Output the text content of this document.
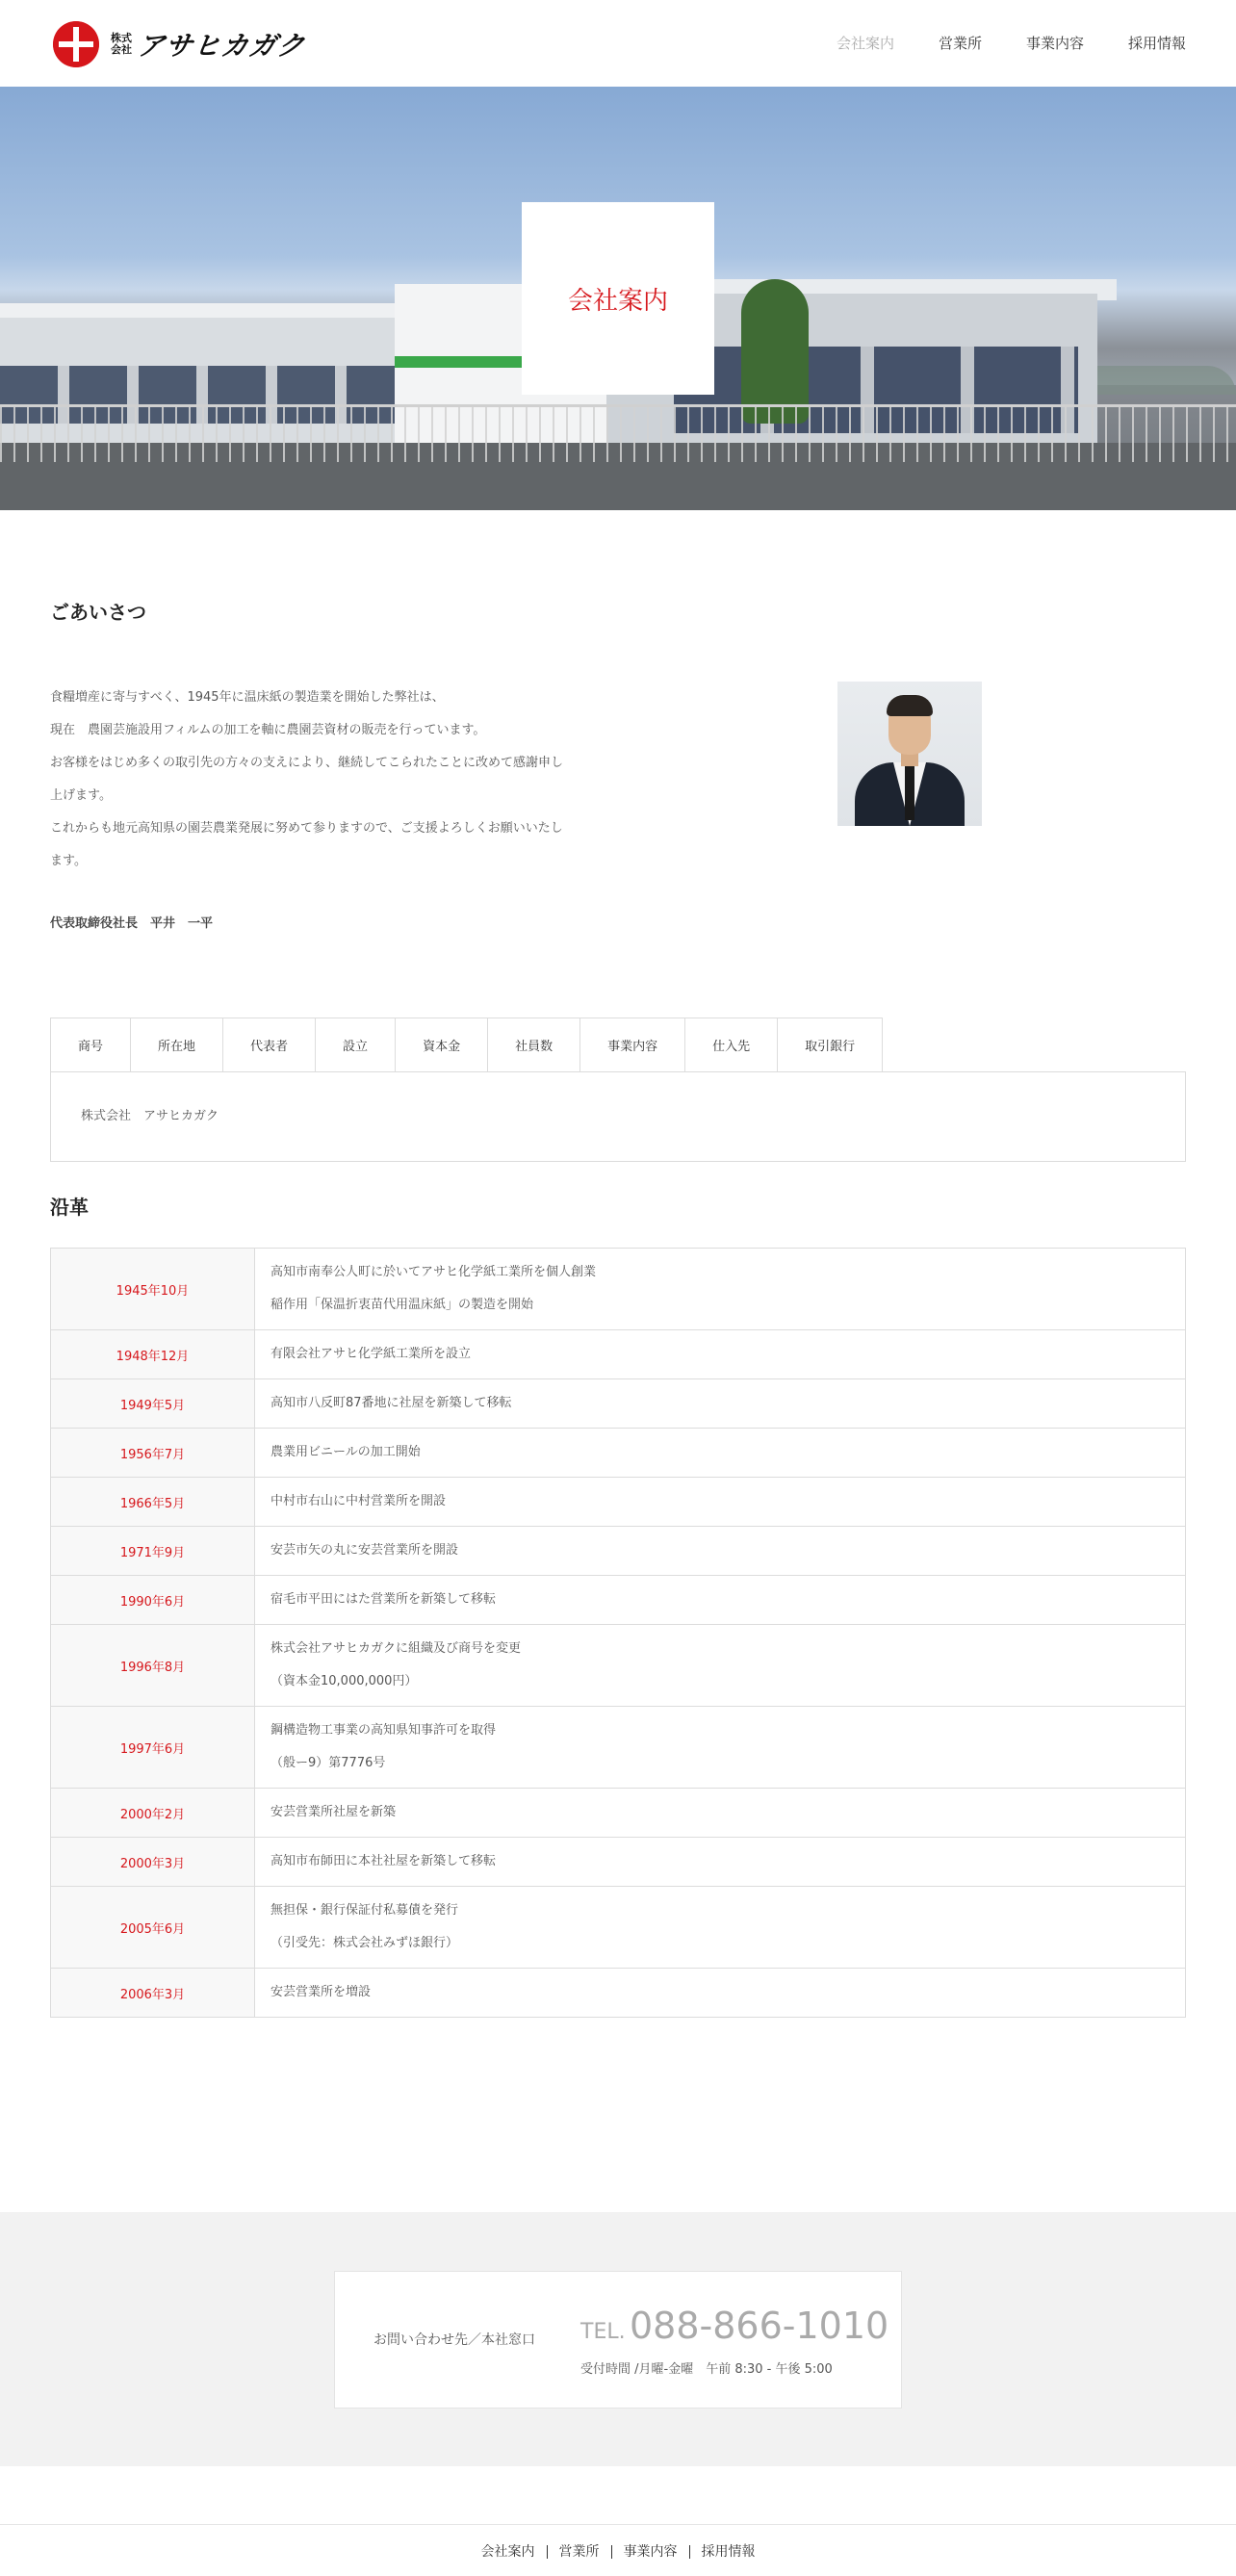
株式
会社 アサヒカガク	会社案内	営業所	事業内容	採用情報
会社案内
ごあいさつ

食糧増産に寄与すべく、1945年に温床紙の製造業を開始した弊社は、

現在　農園芸施設用フィルムの加工を軸に農園芸資材の販売を行っています。

お客様をはじめ多くの取引先の方々の支えにより、継続してこられたことに改めて感謝申し

上げます。

これからも地元高知県の園芸農業発展に努めて参りますので、ご支援よろしくお願いいたし

ます。

代表取締役社長　平井　一平
商号	所在地	代表者	設立	資本金	社員数	事業内容	仕入先	取引銀行
株式会社　アサヒカガク
沿革
1945年10月	高知市南奉公人町に於いてアサヒ化学紙工業所を個人創業
稲作用「保温折衷苗代用温床紙」の製造を開始

1948年12月	有限会社アサヒ化学紙工業所を設立
1949年5月	高知市八反町87番地に社屋を新築して移転
1956年7月	農業用ビニールの加工開始
1966年5月	中村市右山に中村営業所を開設
1971年9月	安芸市矢の丸に安芸営業所を開設
1990年6月	宿毛市平田にはた営業所を新築して移転
1996年8月	株式会社アサヒカガクに組織及び商号を変更
（資本金10,000,000円）

1997年6月	鋼構造物工事業の高知県知事許可を取得
（般ー9）第7776号

2000年2月	安芸営業所社屋を新築
2000年3月	高知市布師田に本社社屋を新築して移転
2005年6月	無担保・銀行保証付私募債を発行
（引受先：株式会社みずほ銀行）

2006年3月	安芸営業所を増設
お問い合わせ先／本社窓口 TEL. 088-866-1010
受付時間 /月曜-金曜　午前 8:30 - 午後 5:00
会社案内	営業所	事業内容	採用情報
